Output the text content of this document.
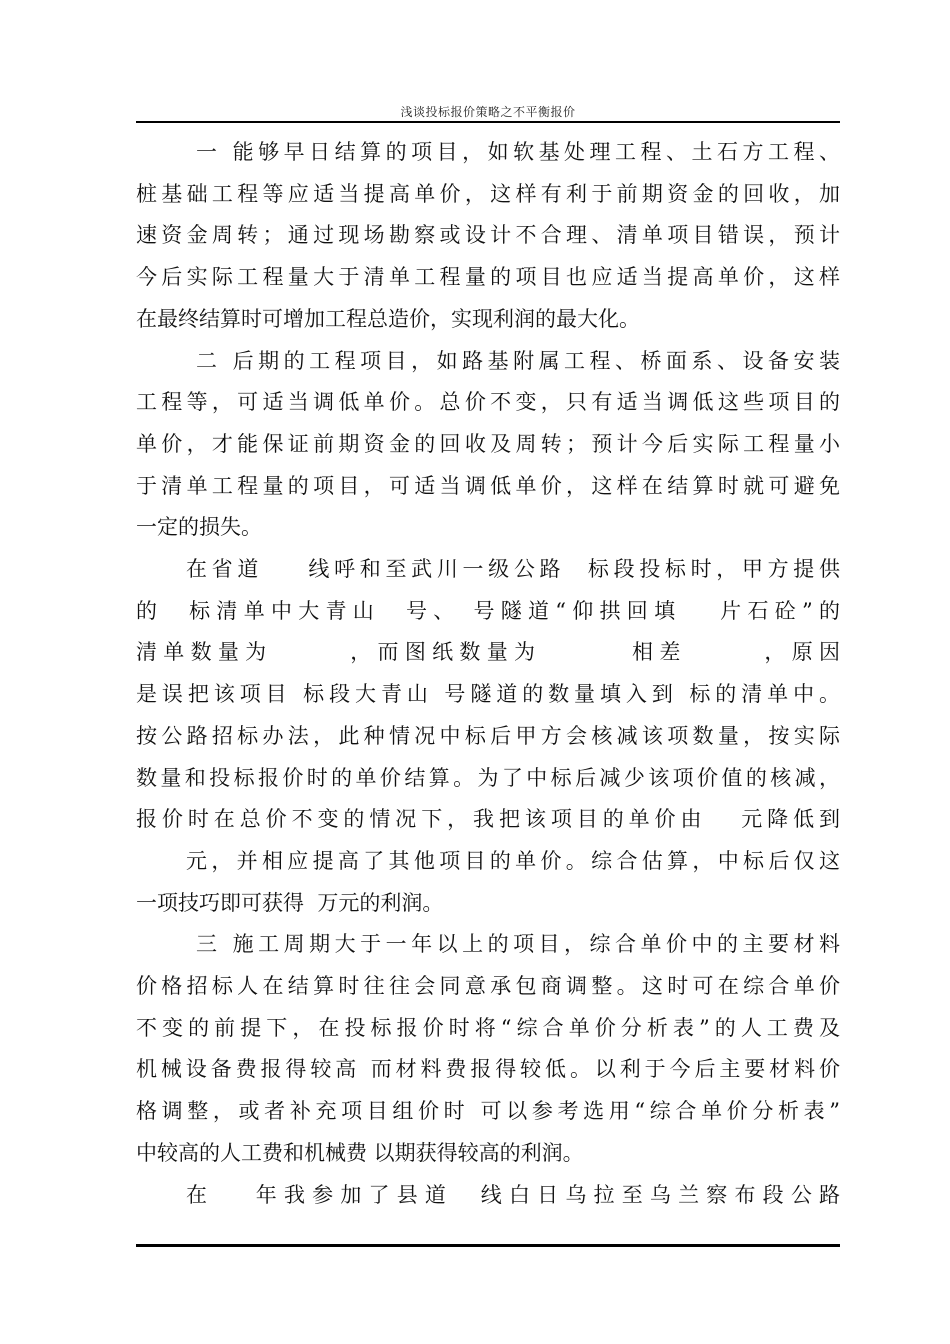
浅谈投标报价策略之不平衡报价
一 能够早日结算的项目，如软基处理工程、土石方工程、
桩基础工程等应适当提高单价，这样有利于前期资金的回收，加
速资金周转；通过现场勘察或设计不合理、清单项目错误，预计
今后实际工程量大于清单工程量的项目也应适当提高单价，这样
在最终结算时可增加工程总造价，实现利润的最大化。
二 后期的工程项目，如路基附属工程、桥面系、设备安装
工程等，可适当调低单价。总价不变，只有适当调低这些项目的
单价，才能保证前期资金的回收及周转；预计今后实际工程量小
于清单工程量的项目，可适当调低单价，这样在结算时就可避免
一定的损失。
在省道    线呼和至武川一级公路  标段投标时，甲方提供
的  标清单中大青山  号、 号隧道“仰拱回填   片石砼”的
清单数量为      ，而图纸数量为       相差      ，原因
是误把该项目 标段大青山 号隧道的数量填入到 标的清单中。
按公路招标办法，此种情况中标后甲方会核减该项数量，按实际
数量和投标报价时的单价结算。为了中标后减少该项价值的核减，
报价时在总价不变的情况下，我把该项目的单价由   元降低到
元，并相应提高了其他项目的单价。综合估算，中标后仅这
一项技巧即可获得  万元的利润。
三 施工周期大于一年以上的项目，综合单价中的主要材料
价格招标人在结算时往往会同意承包商调整。这时可在综合单价
不变的前提下，在投标报价时将“综合单价分析表”的人工费及
机械设备费报得较高 而材料费报得较低。以利于今后主要材料价
格调整，或者补充项目组价时 可以参考选用“综合单价分析表”
中较高的人工费和机械费 以期获得较高的利润。
在   年我参加了县道  线白日乌拉至乌兰察布段公路
